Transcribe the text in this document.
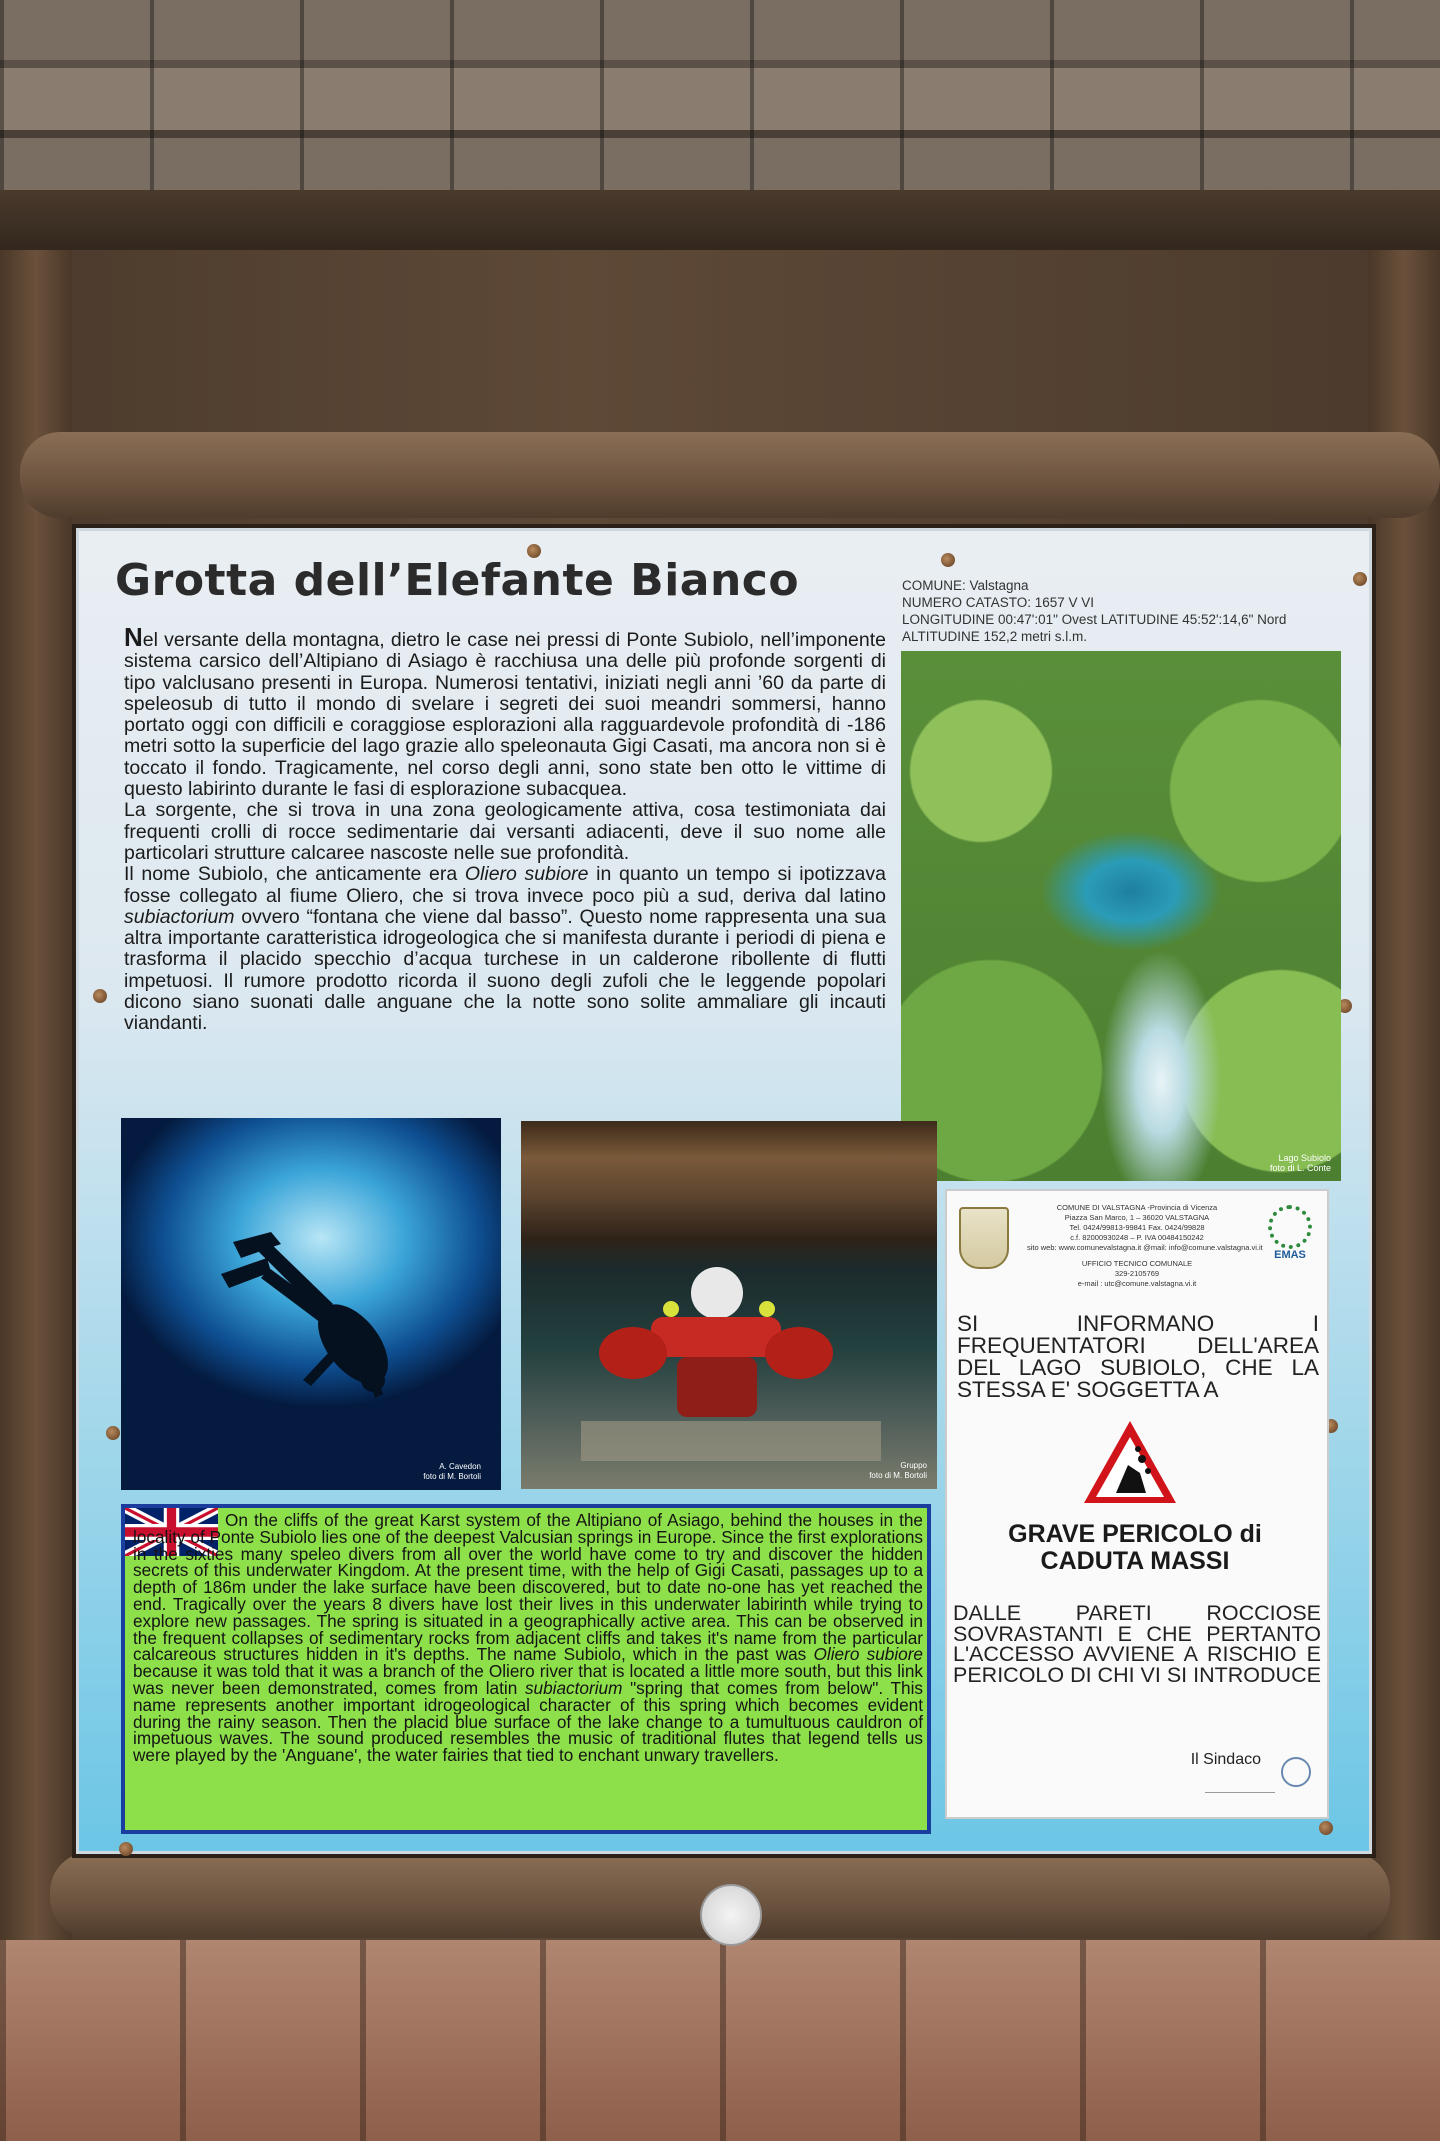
Grotta dell’Elefante Bianco	COMUNE: Valstagna
NUMERO CATASTO: 1657 V VI
LONGITUDINE 00:47':01" Ovest LATITUDINE 45:52':14,6" Nord
ALTITUDINE 152,2 metri s.l.m.

Nel versante della montagna, dietro le case nei pressi di Ponte Subiolo, nell’imponente sistema carsico dell’Altipiano di Asiago è racchiusa una delle più profonde sorgenti di tipo valclusano presenti in Europa. Numerosi tentativi, iniziati negli anni ’60 da parte di speleosub di tutto il mondo di svelare i segreti dei suoi meandri sommersi, hanno portato oggi con difficili e coraggiose esplorazioni alla ragguardevole profondità di -186 metri sotto la superficie del lago grazie allo speleonauta Gigi Casati, ma ancora non si è toccato il fondo. Tragicamente, nel corso degli anni, sono state ben otto le vittime di questo labirinto durante le fasi di esplorazione subacquea.

La sorgente, che si trova in una zona geologicamente attiva, cosa testimoniata dai frequenti crolli di rocce sedimentarie dai versanti adiacenti, deve il suo nome alle particolari strutture calcaree nascoste nelle sue profondità.

Il nome Subiolo, che anticamente era Oliero subiore in quanto un tempo si ipotizzava fosse collegato al fiume Oliero, che si trova invece poco più a sud, deriva dal latino subiactorium ovvero “fontana che viene dal basso”. Questo nome rappresenta una sua altra importante caratteristica idrogeologica che si manifesta durante i periodi di piena e trasforma il placido specchio d’acqua turchese in un calderone ribollente di flutti impetuosi. Il rumore prodotto ricorda il suono degli zufoli che le leggende popolari dicono siano suonati dalle anguane che la notte sono solite ammaliare gli incauti viandanti.

Lago Subiolo
foto di L. Conte
A. Cavedon
foto di M. Bortoli
Gruppo
foto di M. Bortoli
COMUNE DI VALSTAGNA -Provincia di Vicenza
Piazza San Marco, 1 – 36020 VALSTAGNA
Tel. 0424/99813-99841 Fax. 0424/99828
c.f. 82000930248 – P. IVA 00484150242
sito web: www.comunevalstagna.it @mail: info@comune.valstagna.vi.it
UFFICIO TECNICO COMUNALE
329-2105769
e-mail : utc@comune.valstagna.vi.it
EMAS
SI INFORMANO I FREQUENTATORI DELL'AREA DEL LAGO SUBIOLO, CHE LA STESSA E' SOGGETTA A
GRAVE PERICOLO di
CADUTA MASSI
DALLE PARETI ROCCIOSE SOVRASTANTI E CHE PERTANTO L'ACCESSO AVVIENE A RISCHIO E PERICOLO DI CHI VI SI INTRODUCE
Il Sindaco
On the cliffs of the great Karst system of the Altipiano of Asiago, behind the houses in the locality of Ponte Subiolo lies one of the deepest Valcusian springs in Europe. Since the first explorations in the sixties many speleo divers from all over the world have come to try and discover the hidden secrets of this underwater Kingdom. At the present time, with the help of Gigi Casati, passages up to a depth of 186m under the lake surface have been discovered, but to date no-one has yet reached the end. Tragically over the years 8 divers have lost their lives in this underwater labirinth while trying to explore new passages. The spring is situated in a geographically active area. This can be observed in the frequent collapses of sedimentary rocks from adjacent cliffs and takes it's name from the particular calcareous structures hidden in it's depths. The name Subiolo, which in the past was Oliero subiore because it was told that it was a branch of the Oliero river that is located a little more south, but this link was never been demonstrated, comes from latin subiactorium "spring that comes from below". This name represents another important idrogeological character of this spring which becomes evident during the rainy season. Then the placid blue surface of the lake change to a tumultuous cauldron of impetuous waves. The sound produced resembles the music of traditional flutes that legend tells us were played by the 'Anguane', the water fairies that tied to enchant unwary travellers.
